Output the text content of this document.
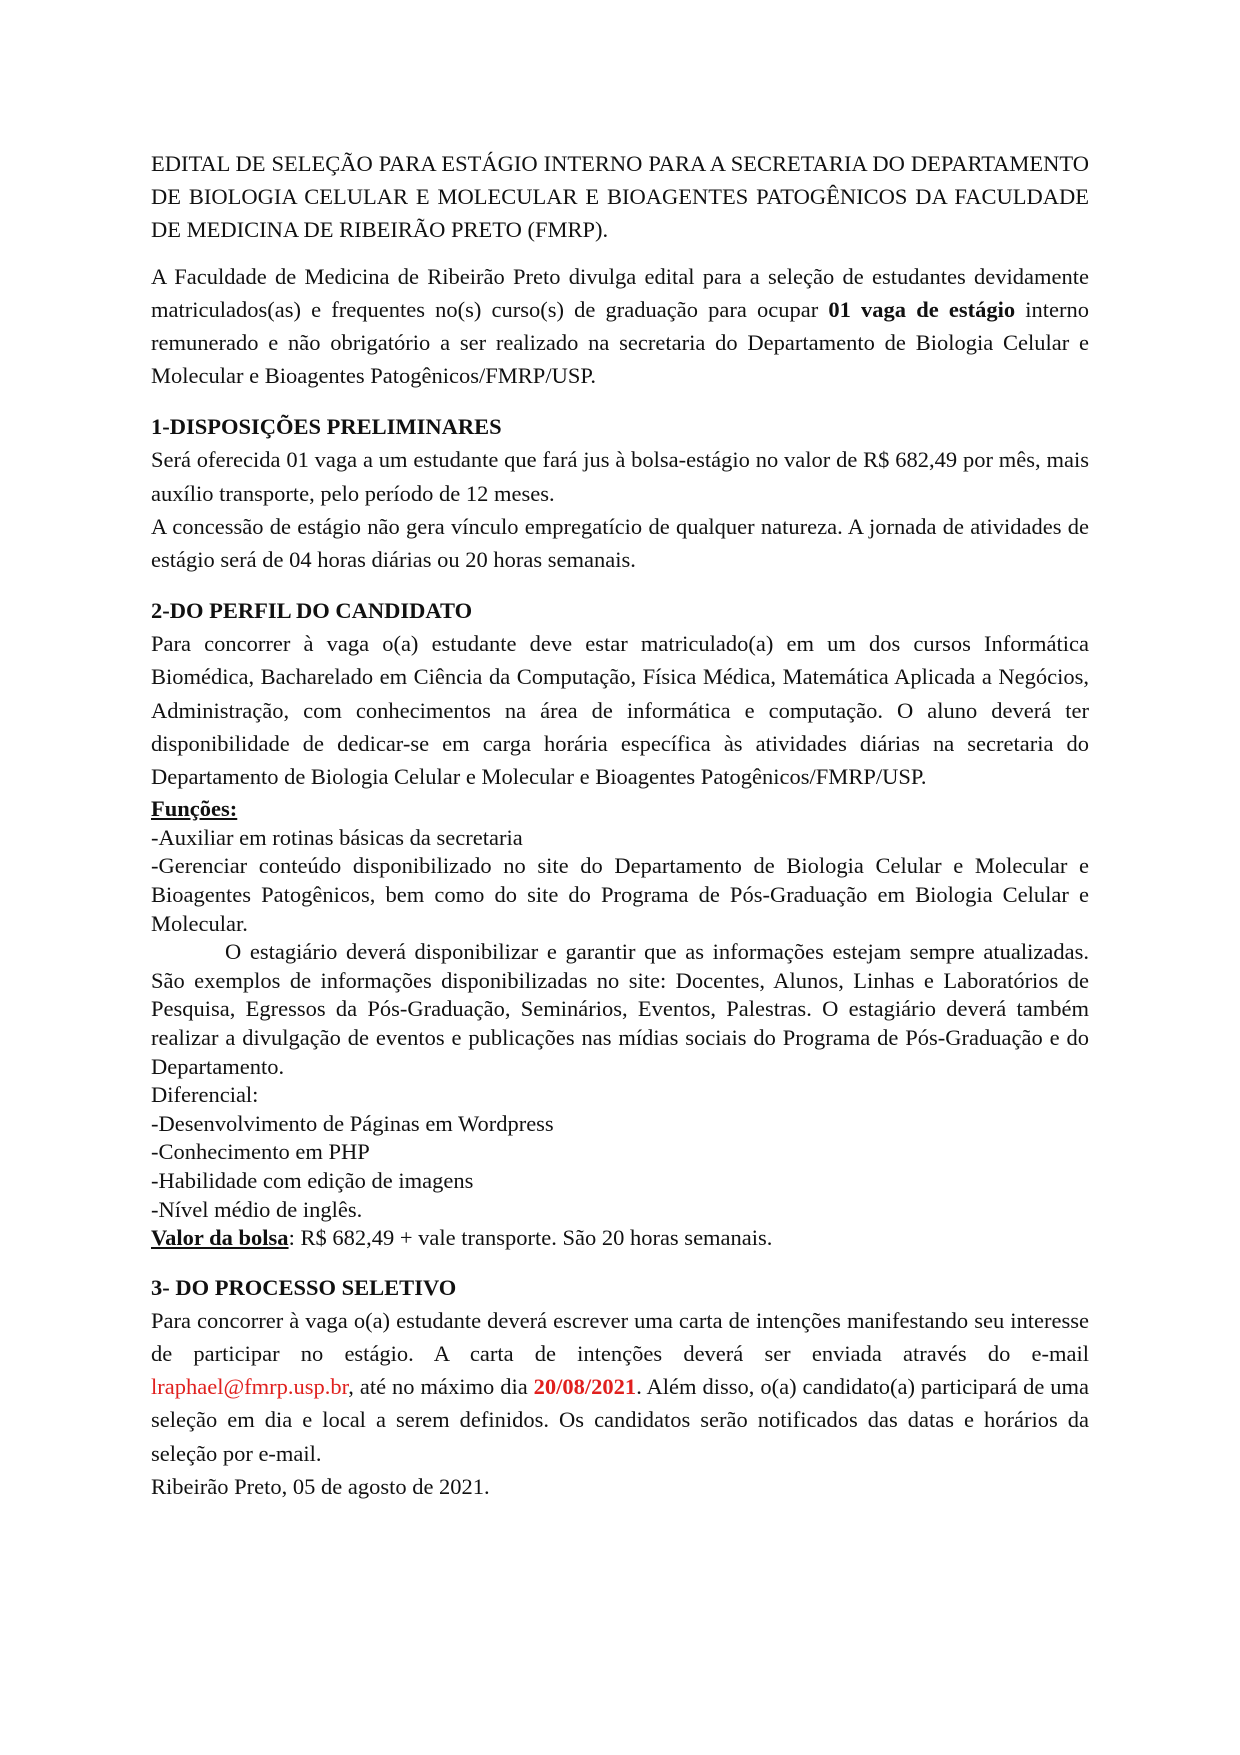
EDITAL DE SELEÇÃO PARA ESTÁGIO INTERNO PARA A SECRETARIA DO DEPARTAMENTO DE BIOLOGIA CELULAR E MOLECULAR E BIOAGENTES PATOGÊNICOS DA FACULDADE DE MEDICINA DE RIBEIRÃO PRETO (FMRP).

A Faculdade de Medicina de Ribeirão Preto divulga edital para a seleção de estudantes devidamente matriculados(as) e frequentes no(s) curso(s) de graduação para ocupar 01 vaga de estágio interno remunerado e não obrigatório a ser realizado na secretaria do Departamento de Biologia Celular e Molecular e Bioagentes Patogênicos/FMRP/USP.

1-DISPOSIÇÕES PRELIMINARES

Será oferecida 01 vaga a um estudante que fará jus à bolsa-estágio no valor de R$ 682,49 por mês, mais auxílio transporte, pelo período de 12 meses.

A concessão de estágio não gera vínculo empregatício de qualquer natureza. A jornada de atividades de estágio será de 04 horas diárias ou 20 horas semanais.

2-DO PERFIL DO CANDIDATO

Para concorrer à vaga o(a) estudante deve estar matriculado(a) em um dos cursos Informática Biomédica, Bacharelado em Ciência da Computação, Física Médica, Matemática Aplicada a Negócios, Administração, com conhecimentos na área de informática e computação. O aluno deverá ter disponibilidade de dedicar-se em carga horária específica às atividades diárias na secretaria do Departamento de Biologia Celular e Molecular e Bioagentes Patogênicos/FMRP/USP.

Funções:

-Auxiliar em rotinas básicas da secretaria

-Gerenciar conteúdo disponibilizado no site do Departamento de Biologia Celular e Molecular e Bioagentes Patogênicos, bem como do site do Programa de Pós-Graduação em Biologia Celular e Molecular.

O estagiário deverá disponibilizar e garantir que as informações estejam sempre atualizadas. São exemplos de informações disponibilizadas no site: Docentes, Alunos, Linhas e Laboratórios de Pesquisa, Egressos da Pós-Graduação, Seminários, Eventos, Palestras. O estagiário deverá também realizar a divulgação de eventos e publicações nas mídias sociais do Programa de Pós-Graduação e do Departamento.

Diferencial:

-Desenvolvimento de Páginas em Wordpress

-Conhecimento em PHP

-Habilidade com edição de imagens

-Nível médio de inglês.

Valor da bolsa: R$ 682,49 + vale transporte. São 20 horas semanais.

3- DO PROCESSO SELETIVO

Para concorrer à vaga o(a) estudante deverá escrever uma carta de intenções manifestando seu interesse de participar no estágio. A carta de intenções deverá ser enviada através do e-mail lraphael@fmrp.usp.br, até no máximo dia 20/08/2021. Além disso, o(a) candidato(a) participará de uma seleção em dia e local a serem definidos. Os candidatos serão notificados das datas e horários da seleção por e-mail.

Ribeirão Preto, 05 de agosto de 2021.
